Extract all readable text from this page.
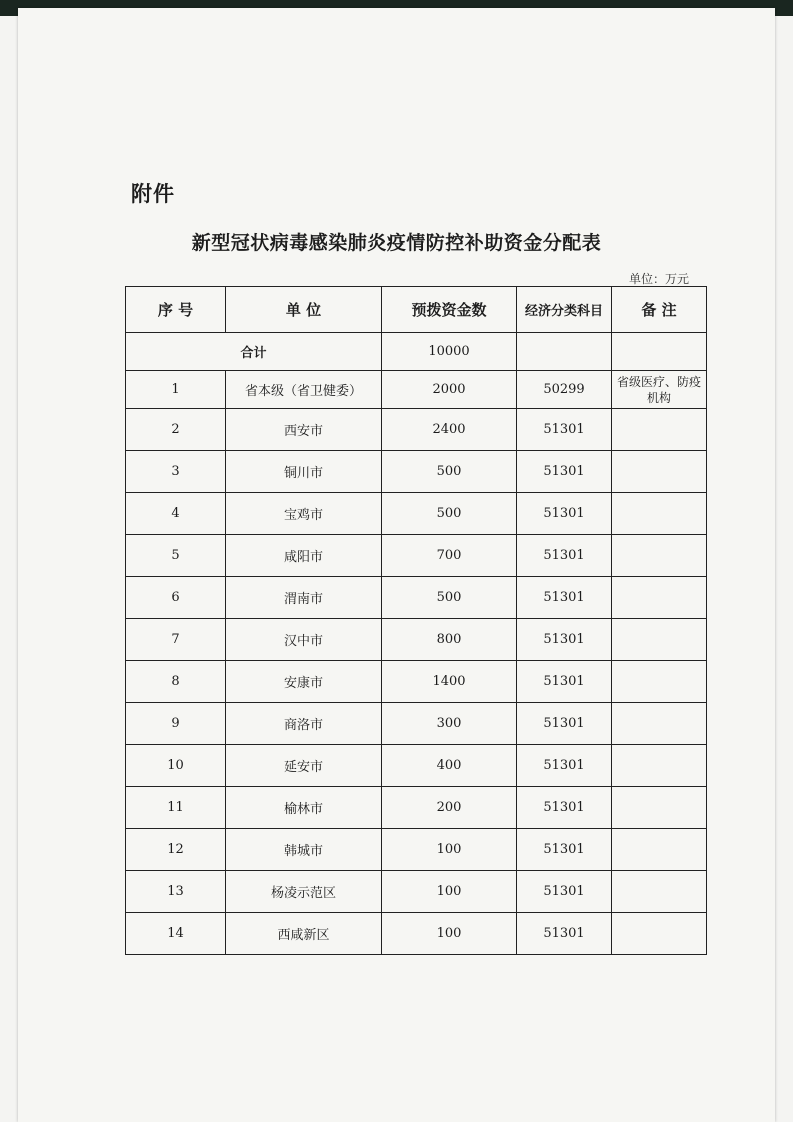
附件
新型冠状病毒感染肺炎疫情防控补助资金分配表
单位：万元
序 号	单 位	预拨资金数	经济分类科目	备 注
合计		10000		
1	省本级（省卫健委）	2000	50299	省级医疗、防疫机构
2	西安市	2400	51301	
3	铜川市	500	51301	
4	宝鸡市	500	51301	
5	咸阳市	700	51301	
6	渭南市	500	51301	
7	汉中市	800	51301	
8	安康市	1400	51301	
9	商洛市	300	51301	
10	延安市	400	51301	
11	榆林市	200	51301	
12	韩城市	100	51301	
13	杨凌示范区	100	51301	
14	西咸新区	100	51301	
